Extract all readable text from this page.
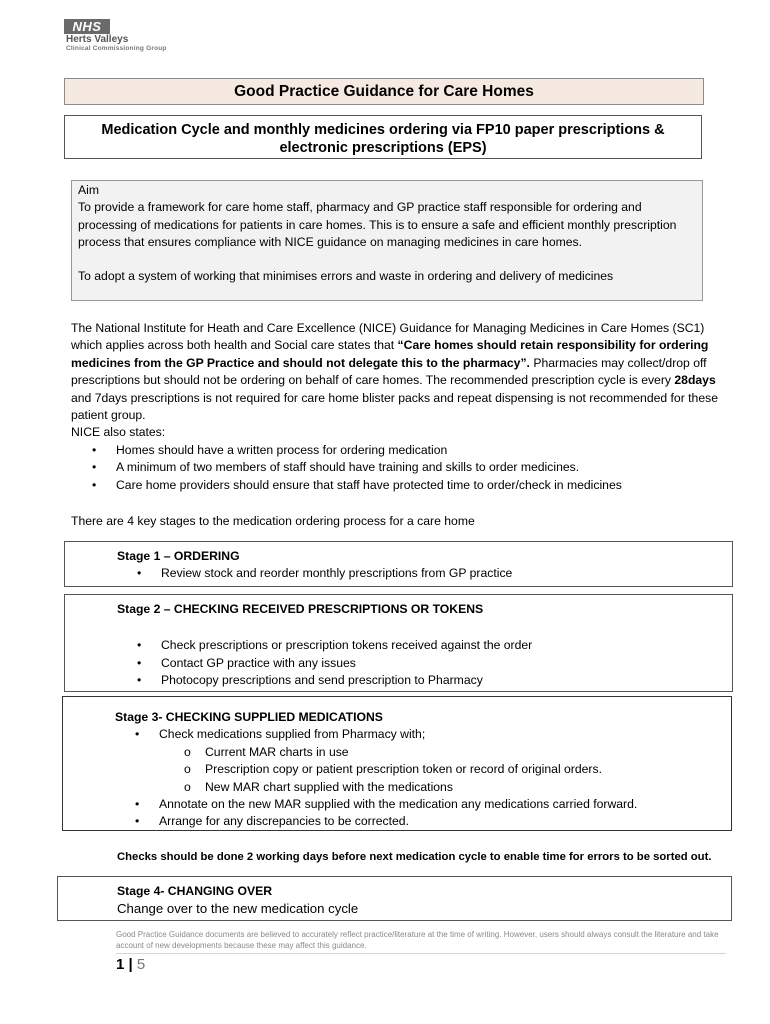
NHS
Herts Valleys
Clinical Commissioning Group
Good Practice Guidance for Care Homes
Medication Cycle and monthly medicines ordering via FP10 paper prescriptions &
electronic prescriptions (EPS)

Aim

To provide a framework for care home staff, pharmacy and GP practice staff responsible for ordering and processing of medications for patients in care homes. This is to ensure a safe and efficient monthly prescription process that ensures compliance with NICE guidance on managing medicines in care homes.

To adopt a system of working that minimises errors and waste in ordering and delivery of medicines

The National Institute for Heath and Care Excellence (NICE) Guidance for Managing Medicines in Care Homes (SC1) which applies across both health and Social care states that “Care homes should retain responsibility for ordering medicines from the GP Practice and should not delegate this to the pharmacy”. Pharmacies may collect/drop off prescriptions but should not be ordering on behalf of care homes. The recommended prescription cycle is every 28days and 7days prescriptions is not required for care home blister packs and repeat dispensing is not recommended for these patient group.

NICE also states:

• Homes should have a written process for ordering medication
• A minimum of two members of staff should have training and skills to order medicines.
• Care home providers should ensure that staff have protected time to order/check in medicines
There are 4 key stages to the medication ordering process for a care home
Stage 1 – ORDERING
• Review stock and reorder monthly prescriptions from GP practice
Stage 2 – CHECKING RECEIVED PRESCRIPTIONS OR TOKENS
• Check prescriptions or prescription tokens received against the order
• Contact GP practice with any issues
• Photocopy prescriptions and send prescription to Pharmacy
Stage 3- CHECKING SUPPLIED MEDICATIONS
• Check medications supplied from Pharmacy with;
o Current MAR charts in use
o Prescription copy or patient prescription token or record of original orders.
o New MAR chart supplied with the medications
• Annotate on the new MAR supplied with the medication any medications carried forward.
• Arrange for any discrepancies to be corrected.
Checks should be done 2 working days before next medication cycle to enable time for errors to be sorted out.
Stage 4- CHANGING OVER
Change over to the new medication cycle
Good Practice Guidance documents are believed to accurately reflect practice/literature at the time of writing. However, users should always consult the literature and take account of new developments because these may affect this guidance.
1 | 5
